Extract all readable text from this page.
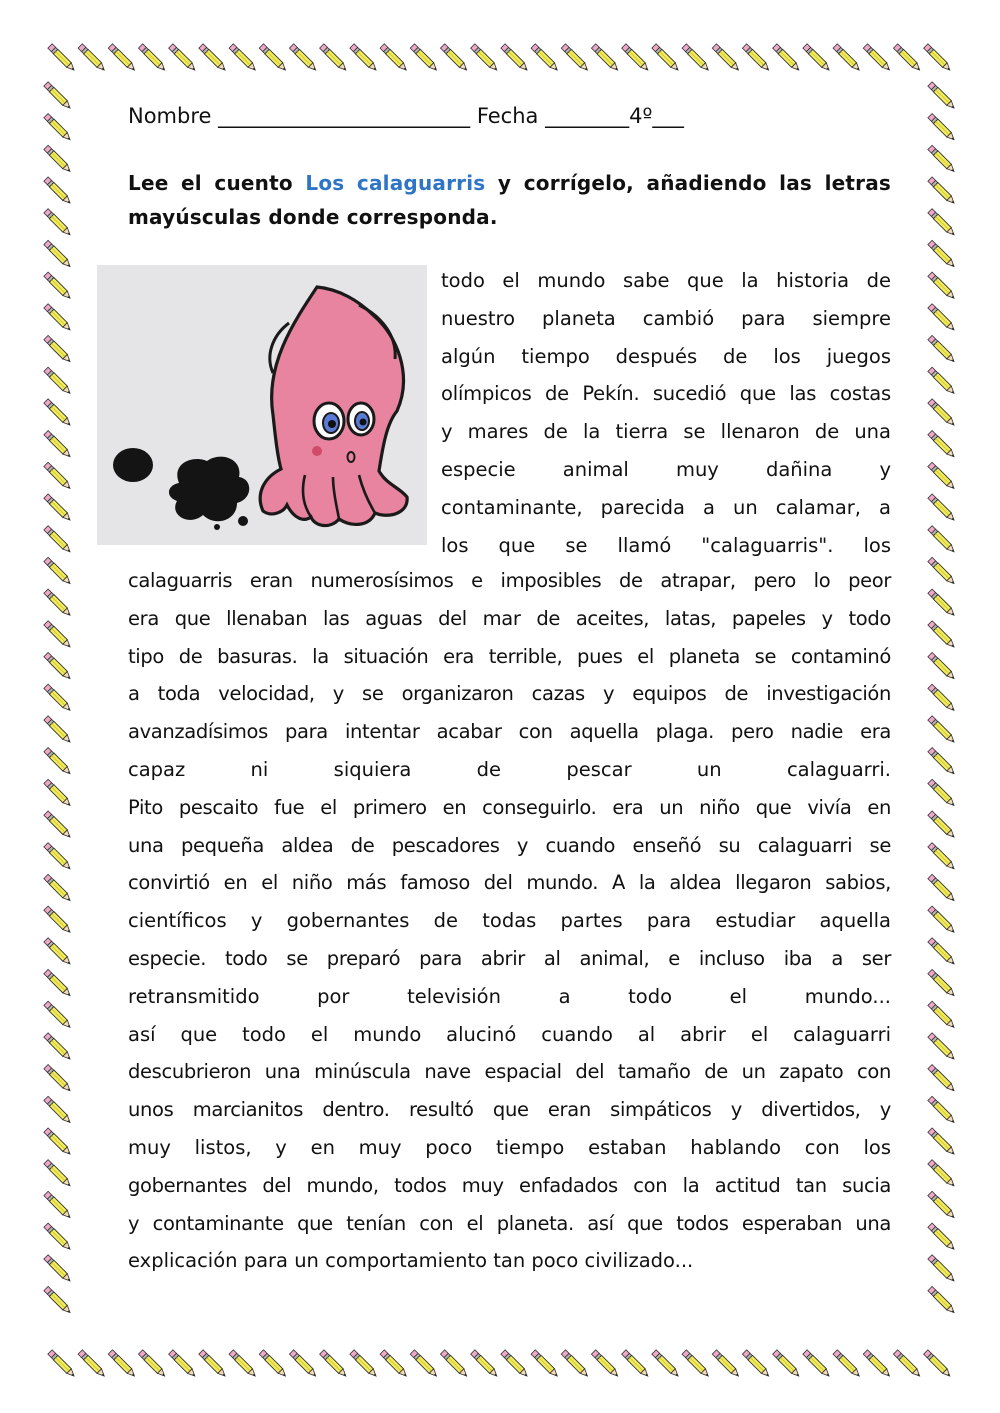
Nombre ________________________ Fecha ________4º___
Lee el cuento Los calaguarris y corrígelo, añadiendo las letras mayúsculas donde corresponda.
todo el mundo sabe que la historia de
nuestro planeta cambió para siempre
algún tiempo después de los juegos
olímpicos de Pekín. sucedió que las costas
y mares de la tierra se llenaron de una
especie animal muy dañina y
contaminante, parecida a un calamar, a
los que se llamó "calaguarris". los
calaguarris eran numerosísimos e imposibles de atrapar, pero lo peor
era que llenaban las aguas del mar de aceites, latas, papeles y todo
tipo de basuras. la situación era terrible, pues el planeta se contaminó
a toda velocidad, y se organizaron cazas y equipos de investigación
avanzadísimos para intentar acabar con aquella plaga. pero nadie era
capaz ni siquiera de pescar un calaguarri.
Pito pescaito fue el primero en conseguirlo. era un niño que vivía en
una pequeña aldea de pescadores y cuando enseñó su calaguarri se
convirtió en el niño más famoso del mundo. A la aldea llegaron sabios,
científicos y gobernantes de todas partes para estudiar aquella
especie. todo se preparó para abrir al animal, e incluso iba a ser
retransmitido por televisión a todo el mundo...
así que todo el mundo alucinó cuando al abrir el calaguarri
descubrieron una minúscula nave espacial del tamaño de un zapato con
unos marcianitos dentro. resultó que eran simpáticos y divertidos, y
muy listos, y en muy poco tiempo estaban hablando con los
gobernantes del mundo, todos muy enfadados con la actitud tan sucia
y contaminante que tenían con el planeta. así que todos esperaban una
explicación para un comportamiento tan poco civilizado...
